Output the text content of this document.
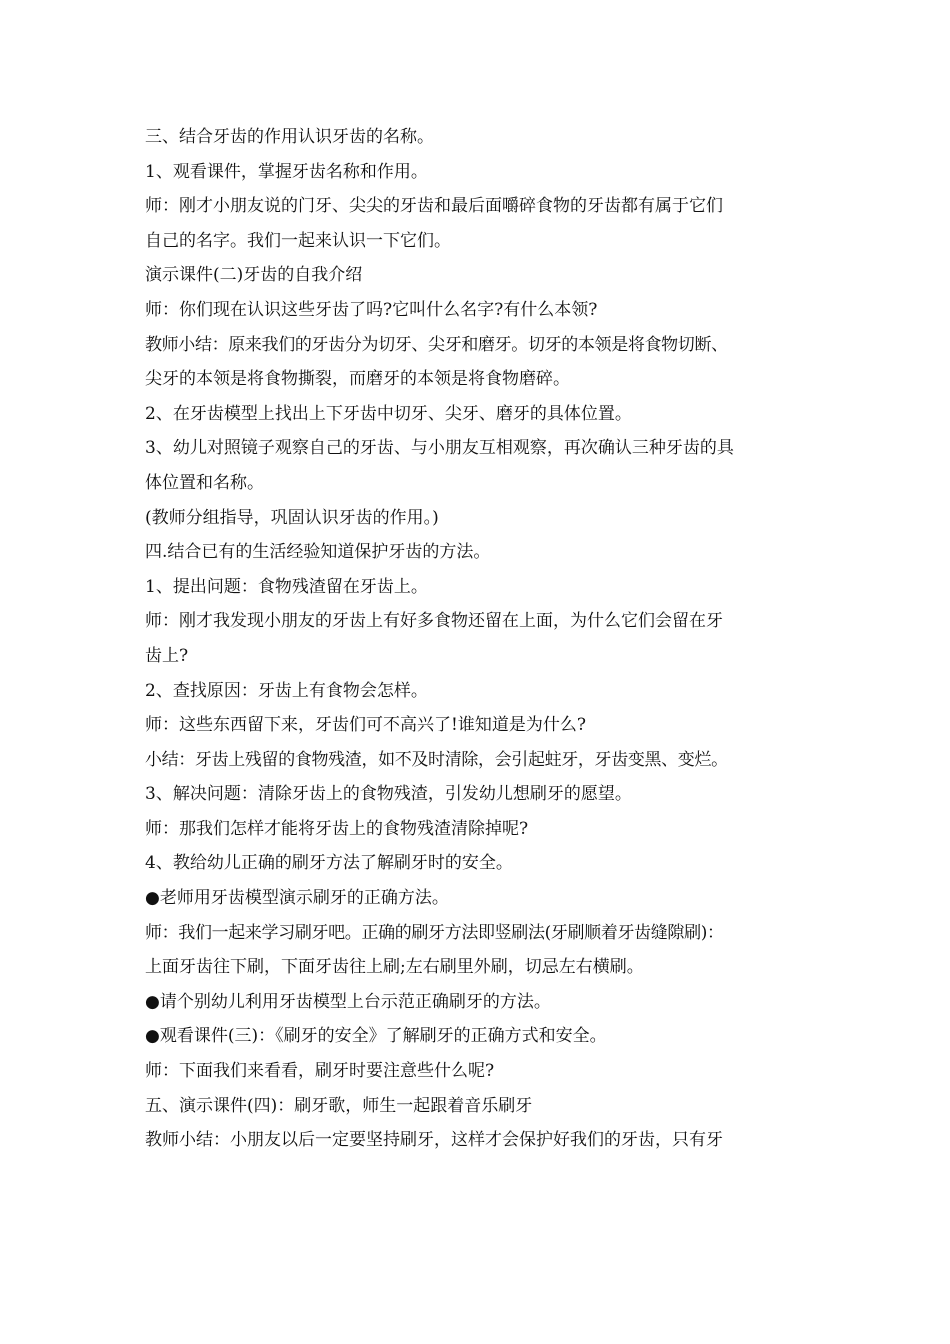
三、结合牙齿的作用认识牙齿的名称。
1、观看课件，掌握牙齿名称和作用。
师：刚才小朋友说的门牙、尖尖的牙齿和最后面嚼碎食物的牙齿都有属于它们
自己的名字。我们一起来认识一下它们。
演示课件(二)牙齿的自我介绍
师：你们现在认识这些牙齿了吗?它叫什么名字?有什么本领?
教师小结：原来我们的牙齿分为切牙、尖牙和磨牙。切牙的本领是将食物切断、
尖牙的本领是将食物撕裂，而磨牙的本领是将食物磨碎。
2、在牙齿模型上找出上下牙齿中切牙、尖牙、磨牙的具体位置。
3、幼儿对照镜子观察自己的牙齿、与小朋友互相观察，再次确认三种牙齿的具
体位置和名称。
(教师分组指导，巩固认识牙齿的作用。)
四.结合已有的生活经验知道保护牙齿的方法。
1、提出问题：食物残渣留在牙齿上。
师：刚才我发现小朋友的牙齿上有好多食物还留在上面，为什么它们会留在牙
齿上?
2、查找原因：牙齿上有食物会怎样。
师：这些东西留下来，牙齿们可不高兴了!谁知道是为什么?
小结：牙齿上残留的食物残渣，如不及时清除，会引起蛀牙，牙齿变黑、变烂。
3、解决问题：清除牙齿上的食物残渣，引发幼儿想刷牙的愿望。
师：那我们怎样才能将牙齿上的食物残渣清除掉呢?
4、教给幼儿正确的刷牙方法了解刷牙时的安全。
●老师用牙齿模型演示刷牙的正确方法。
师：我们一起来学习刷牙吧。正确的刷牙方法即竖刷法(牙刷顺着牙齿缝隙刷)：
上面牙齿往下刷，下面牙齿往上刷;左右刷里外刷，切忌左右横刷。
●请个别幼儿利用牙齿模型上台示范正确刷牙的方法。
●观看课件(三)：《刷牙的安全》了解刷牙的正确方式和安全。
师：下面我们来看看，刷牙时要注意些什么呢?
五、演示课件(四)：刷牙歌，师生一起跟着音乐刷牙
教师小结：小朋友以后一定要坚持刷牙，这样才会保护好我们的牙齿，只有牙
